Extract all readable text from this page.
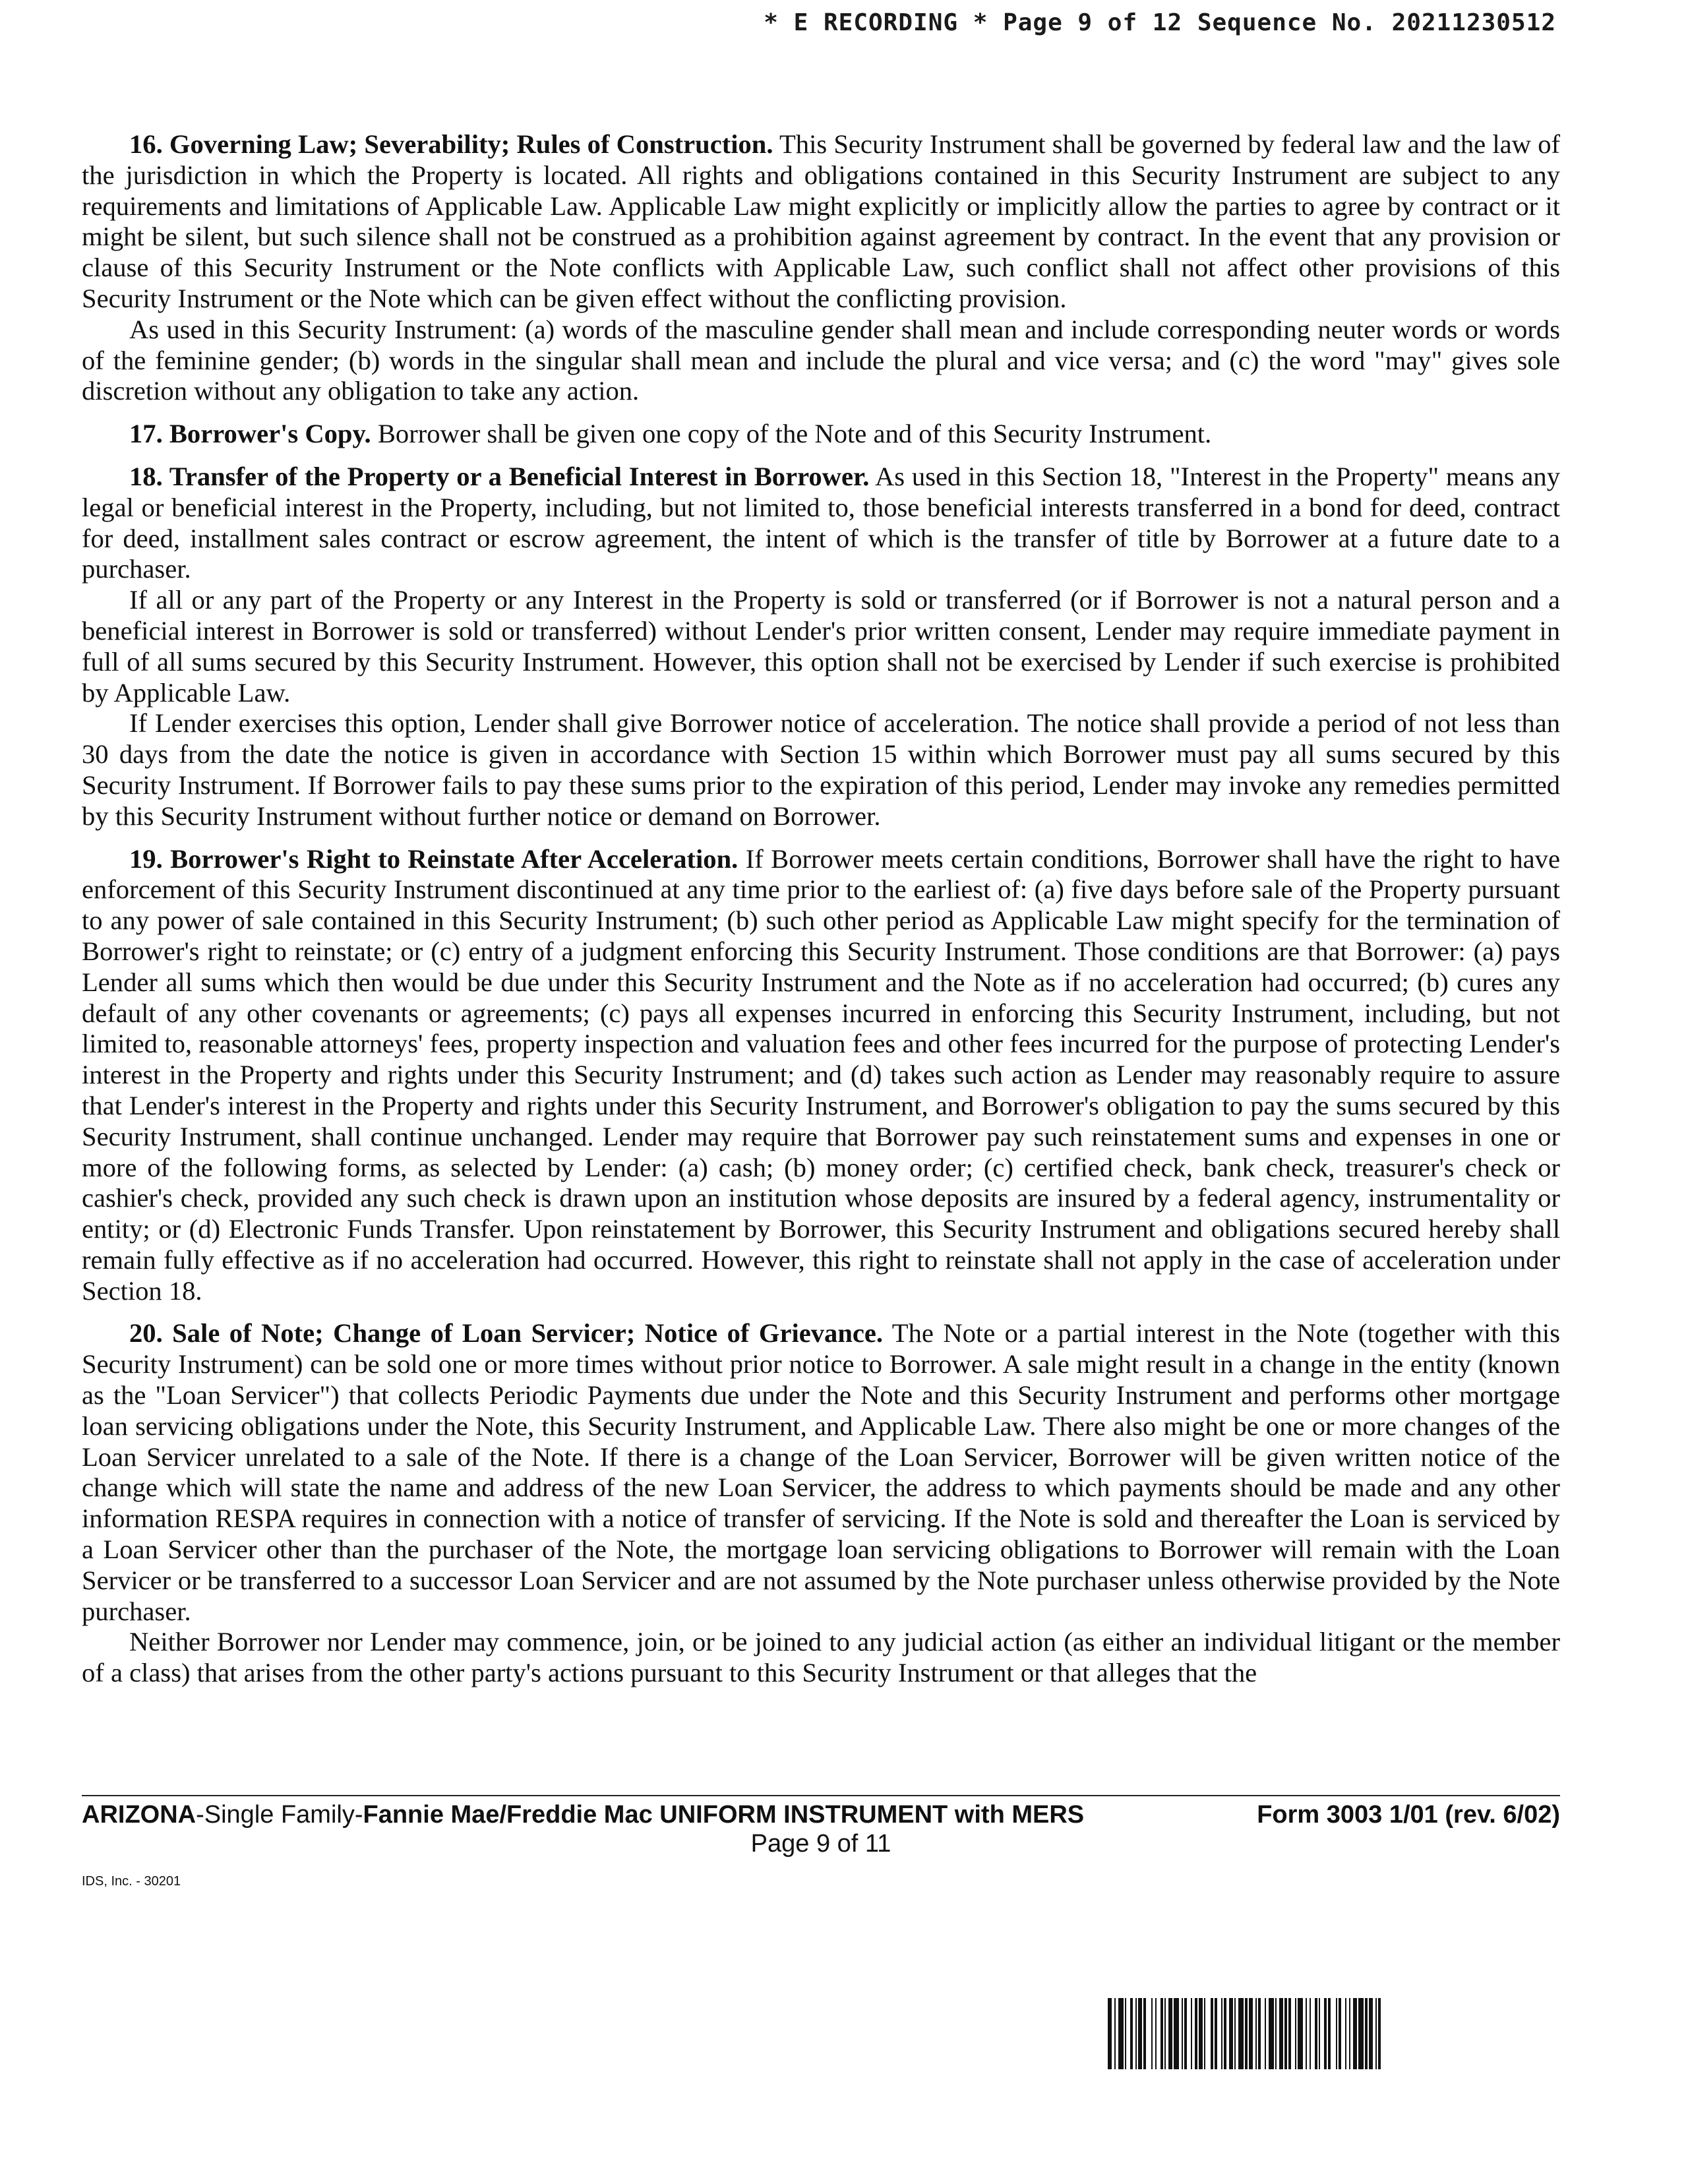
* E RECORDING * Page 9 of 12 Sequence No. 20211230512

16. Governing Law; Severability; Rules of Construction. This Security Instrument shall be governed by federal law and the law of the jurisdiction in which the Property is located. All rights and obligations contained in this Security Instrument are subject to any requirements and limitations of Applicable Law. Applicable Law might explicitly or implicitly allow the parties to agree by contract or it might be silent, but such silence shall not be construed as a prohibition against agreement by contract. In the event that any provision or clause of this Security Instrument or the Note conflicts with Applicable Law, such conflict shall not affect other provisions of this Security Instrument or the Note which can be given effect without the conflicting provision.

As used in this Security Instrument: (a) words of the masculine gender shall mean and include corresponding neuter words or words of the feminine gender; (b) words in the singular shall mean and include the plural and vice versa; and (c) the word "may" gives sole discretion without any obligation to take any action.

17. Borrower's Copy. Borrower shall be given one copy of the Note and of this Security Instrument.

18. Transfer of the Property or a Beneficial Interest in Borrower. As used in this Section 18, "Interest in the Property" means any legal or beneficial interest in the Property, including, but not limited to, those beneficial interests transferred in a bond for deed, contract for deed, installment sales contract or escrow agreement, the intent of which is the transfer of title by Borrower at a future date to a purchaser.

If all or any part of the Property or any Interest in the Property is sold or transferred (or if Borrower is not a natural person and a beneficial interest in Borrower is sold or transferred) without Lender's prior written consent, Lender may require immediate payment in full of all sums secured by this Security Instrument. However, this option shall not be exercised by Lender if such exercise is prohibited by Applicable Law.

If Lender exercises this option, Lender shall give Borrower notice of acceleration. The notice shall provide a period of not less than 30 days from the date the notice is given in accordance with Section 15 within which Borrower must pay all sums secured by this Security Instrument. If Borrower fails to pay these sums prior to the expiration of this period, Lender may invoke any remedies permitted by this Security Instrument without further notice or demand on Borrower.

19. Borrower's Right to Reinstate After Acceleration. If Borrower meets certain conditions, Borrower shall have the right to have enforcement of this Security Instrument discontinued at any time prior to the earliest of: (a) five days before sale of the Property pursuant to any power of sale contained in this Security Instrument; (b) such other period as Applicable Law might specify for the termination of Borrower's right to reinstate; or (c) entry of a judgment enforcing this Security Instrument. Those conditions are that Borrower: (a) pays Lender all sums which then would be due under this Security Instrument and the Note as if no acceleration had occurred; (b) cures any default of any other covenants or agreements; (c) pays all expenses incurred in enforcing this Security Instrument, including, but not limited to, reasonable attorneys' fees, property inspection and valuation fees and other fees incurred for the purpose of protecting Lender's interest in the Property and rights under this Security Instrument; and (d) takes such action as Lender may reasonably require to assure that Lender's interest in the Property and rights under this Security Instrument, and Borrower's obligation to pay the sums secured by this Security Instrument, shall continue unchanged. Lender may require that Borrower pay such reinstatement sums and expenses in one or more of the following forms, as selected by Lender: (a) cash; (b) money order; (c) certified check, bank check, treasurer's check or cashier's check, provided any such check is drawn upon an institution whose deposits are insured by a federal agency, instrumentality or entity; or (d) Electronic Funds Transfer. Upon reinstatement by Borrower, this Security Instrument and obligations secured hereby shall remain fully effective as if no acceleration had occurred. However, this right to reinstate shall not apply in the case of acceleration under Section 18.

20. Sale of Note; Change of Loan Servicer; Notice of Grievance. The Note or a partial interest in the Note (together with this Security Instrument) can be sold one or more times without prior notice to Borrower. A sale might result in a change in the entity (known as the "Loan Servicer") that collects Periodic Payments due under the Note and this Security Instrument and performs other mortgage loan servicing obligations under the Note, this Security Instrument, and Applicable Law. There also might be one or more changes of the Loan Servicer unrelated to a sale of the Note. If there is a change of the Loan Servicer, Borrower will be given written notice of the change which will state the name and address of the new Loan Servicer, the address to which payments should be made and any other information RESPA requires in connection with a notice of transfer of servicing. If the Note is sold and thereafter the Loan is serviced by a Loan Servicer other than the purchaser of the Note, the mortgage loan servicing obligations to Borrower will remain with the Loan Servicer or be transferred to a successor Loan Servicer and are not assumed by the Note purchaser unless otherwise provided by the Note purchaser.

Neither Borrower nor Lender may commence, join, or be joined to any judicial action (as either an individual litigant or the member of a class) that arises from the other party's actions pursuant to this Security Instrument or that alleges that the

ARIZONA-Single Family-Fannie Mae/Freddie Mac UNIFORM INSTRUMENT with MERS	Form 3003 1/01 (rev. 6/02)
Page 9 of 11
IDS, Inc. - 30201
